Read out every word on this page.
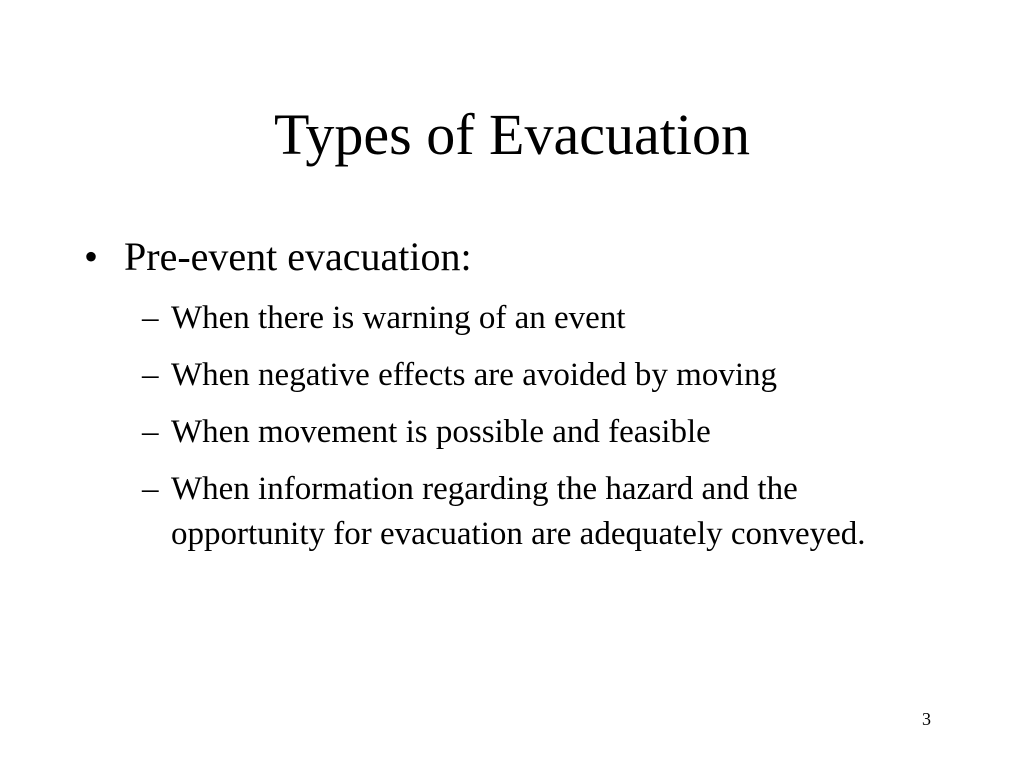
Types of Evacuation
• Pre-event evacuation:
– When there is warning of an event
– When negative effects are avoided by moving
– When movement is possible and feasible
– When information regarding the hazard and the opportunity for evacuation are adequately conveyed.
3
